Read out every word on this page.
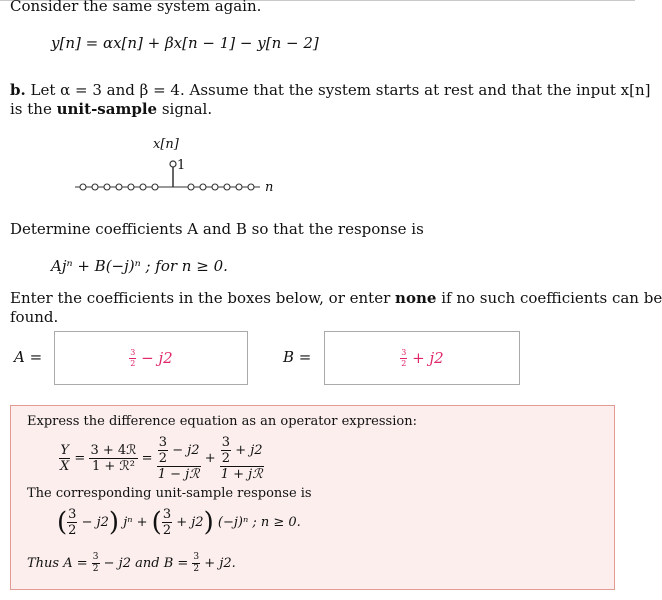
Consider the same system again.
y[n] = αx[n] + βx[n − 1] − y[n − 2]
b. Let α = 3 and β = 4. Assume that the system starts at rest and that the input x[n]
is the unit-sample signal.
x[n]
1
n
Determine coefficients A and B so that the response is
Ajⁿ + B(−j)ⁿ ; for n ≥ 0.
Enter the coefficients in the boxes below, or enter none if no such coefficients can be
found.
A =	$\frac{3}{2}$
− j2	B =	$\frac{3}{2}$
+ j2
Express the difference equation as an operator expression:
$\frac{Y}{X}$ =
3 + 4ℛ
1 + ℛ²
= $\frac{3}{2} - j2$
1 − jℛ
+ $\frac{3}{2} + j2$
1 + jℛ
The corresponding unit-sample response is
( $\frac{3}{2} - j2$) jⁿ + ( $\frac{3}{2} + j2$) (−j)ⁿ ; n ≥ 0.
Thus $A = \frac{3}{2} - j2$ and $B = \frac{3}{2} + j2$.
